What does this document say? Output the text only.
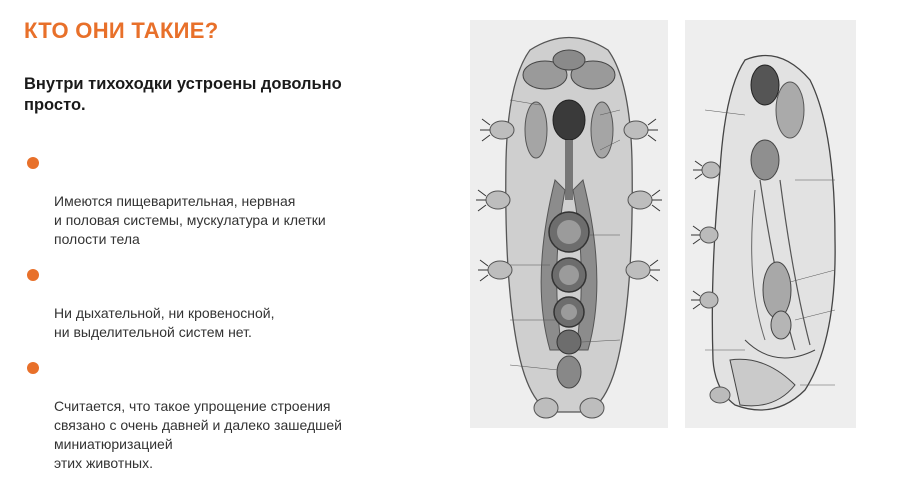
КТО ОНИ ТАКИЕ?
Внутри тихоходки устроены довольно просто.

Имеются пищеварительная, нервная
и половая системы, мускулатура и клетки
полости тела

Ни дыхательной, ни кровеносной,
ни выделительной систем нет.

Считается, что такое упрощение строения
связано с очень давней и далеко зашедшей
миниатюризацией
этих животных.
